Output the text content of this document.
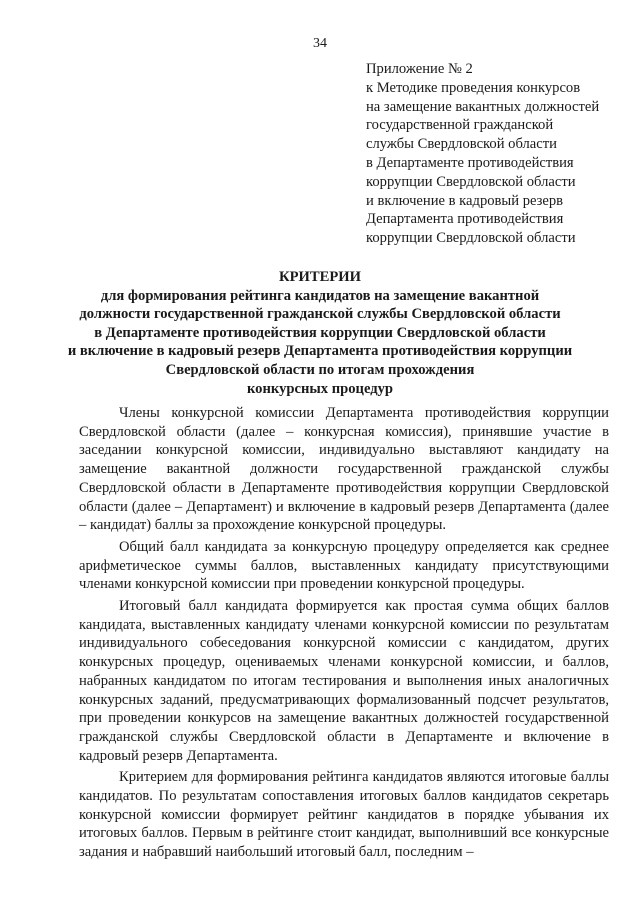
34
Приложение № 2
к Методике проведения конкурсов
на замещение вакантных должностей
государственной гражданской
службы Свердловской области
в Департаменте противодействия
коррупции Свердловской области
и включение в кадровый резерв
Департамента противодействия
коррупции Свердловской области
КРИТЕРИИ
для формирования рейтинга кандидатов на замещение вакантной
должности государственной гражданской службы Свердловской области
в Департаменте противодействия коррупции Свердловской области
и включение в кадровый резерв Департамента противодействия коррупции
Свердловской области по итогам прохождения
конкурсных процедур

Члены конкурсной комиссии Департамента противодействия коррупции Свердловской области (далее – конкурсная комиссия), принявшие участие в заседании конкурсной комиссии, индивидуально выставляют кандидату на замещение вакантной должности государственной гражданской службы Свердловской области в Департаменте противодействия коррупции Свердловской области (далее – Департамент) и включение в кадровый резерв Департамента (далее – кандидат) баллы за прохождение конкурсной процедуры.

Общий балл кандидата за конкурсную процедуру определяется как среднее арифметическое суммы баллов, выставленных кандидату присутствующими членами конкурсной комиссии при проведении конкурсной процедуры.

Итоговый балл кандидата формируется как простая сумма общих баллов кандидата, выставленных кандидату членами конкурсной комиссии по результатам индивидуального собеседования конкурсной комиссии с кандидатом, других конкурсных процедур, оцениваемых членами конкурсной комиссии, и баллов, набранных кандидатом по итогам тестирования и выполнения иных аналогичных конкурсных заданий, предусматривающих формализованный подсчет результатов, при проведении конкурсов на замещение вакантных должностей государственной гражданской службы Свердловской области в Департаменте и включение в кадровый резерв Департамента.

Критерием для формирования рейтинга кандидатов являются итоговые баллы кандидатов. По результатам сопоставления итоговых баллов кандидатов секретарь конкурсной комиссии формирует рейтинг кандидатов в порядке убывания их итоговых баллов. Первым в рейтинге стоит кандидат, выполнивший все конкурсные задания и набравший наибольший итоговый балл, последним –
